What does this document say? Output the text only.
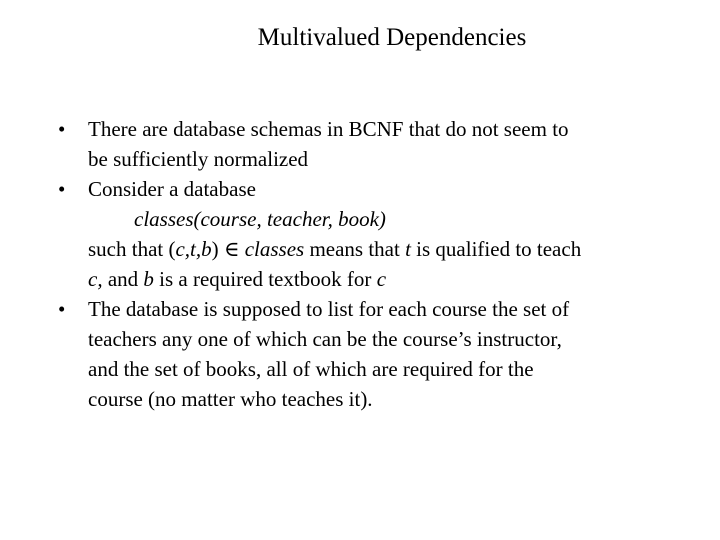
Multivalued Dependencies
• There are database schemas in BCNF that do not seem to
be sufficiently normalized
• Consider a database
classes(course, teacher, book)
such that (c,t,b) ∈ classes means that t is qualified to teach
c, and b is a required textbook for c
• The database is supposed to list for each course the set of
teachers any one of which can be the course’s instructor,
and the set of books, all of which are required for the
course (no matter who teaches it).
